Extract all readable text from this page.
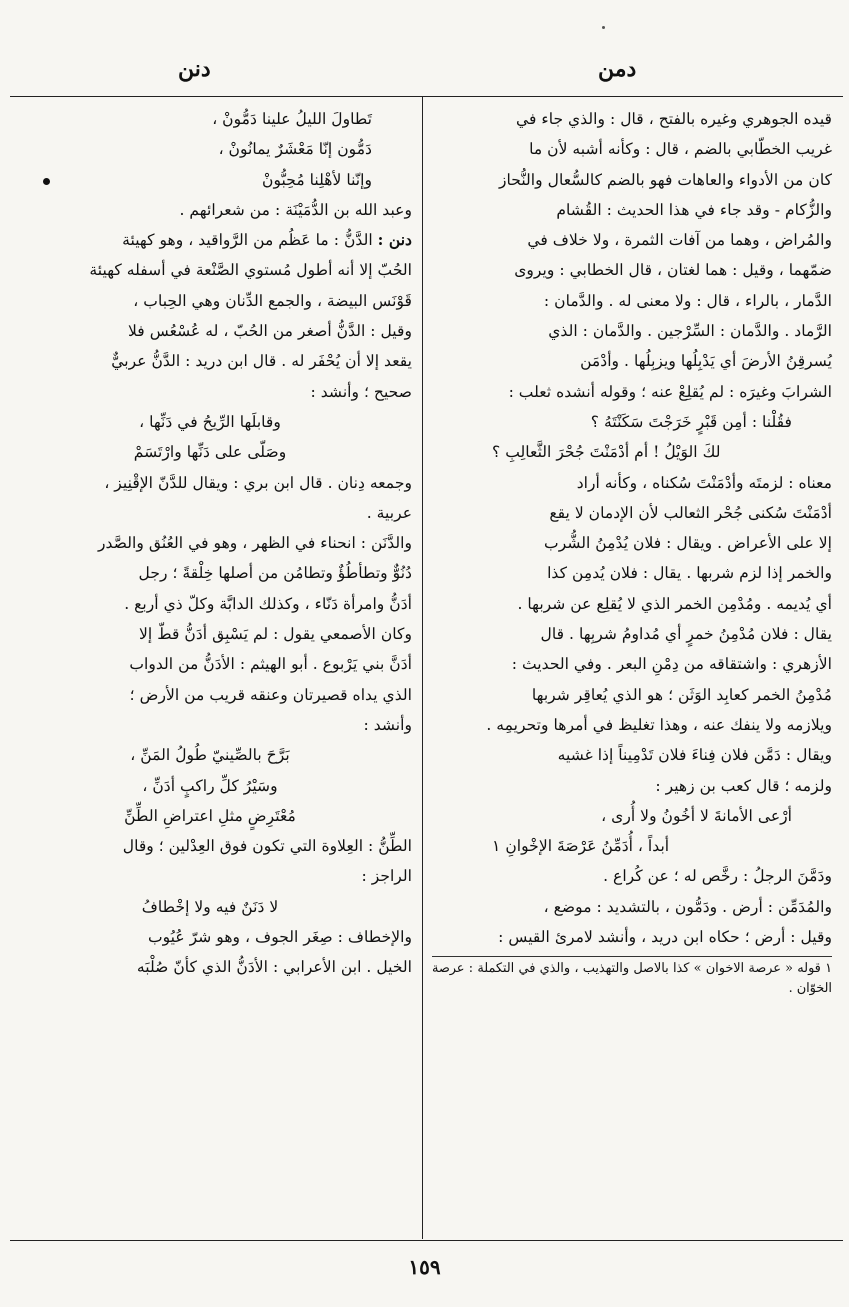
دمن
دنن

قيده الجوهري وغيره بالفتح ، قال : والذي جاء في

غريب الخطّابي بالضم ، قال : وكأنه أشبه لأن ما

كان من الأدواء والعاهات فهو بالضم كالسُّعال والنُّحاز

والزُّكام - وقد جاء في هذا الحديث : القُشام

والمُراض ، وهما من آفات الثمرة ، ولا خلاف في

ضمّهما ، وقيل : هما لغتان ، قال الخطابي : ويروى

الدَّمار ، بالراء ، قال : ولا معنى له . والدَّمان :

الرَّماد . والدَّمان : السِّرْجين . والدَّمان : الذي

يُسرقِنُ الأرضَ أي يَدْبِلُها ويزبِلُها . وأدْمَن

الشرابَ وغيرَه : لم يُقلِعْ عنه ؛ وقوله أنشده ثعلب :

فقُلْنا : أمِن قَبْرٍ خَرَجْتَ سَكَنْتَهُ ؟

لكَ الوَيْلُ ! أم أدْمَنْتَ جُحْرَ الثَّعالِبِ ؟

معناه : لزمتَه وأدْمَنْتَ سُكناه ، وكأنه أراد

أدْمَنْتَ سُكنى جُحْر الثعالب لأن الإدمان لا يقع

إلا على الأعراض . ويقال : فلان يُدْمِنُ الشُّرب

والخمر إذا لزم شربها . يقال : فلان يُدمِن كذا

أي يُديمه . ومُدْمِن الخمر الذي لا يُقلِع عن شربها .

يقال : فلان مُدْمِنُ خمرٍ أي مُداومُ شربِها . قال

الأزهري : واشتقاقه من دِمْنِ البعر . وفي الحديث :

مُدْمِنُ الخمر كعابِد الوَثَن ؛ هو الذي يُعاقِر شربها

ويلازمه ولا ينفك عنه ، وهذا تغليظ في أمرها وتحريمِه .

ويقال : دَمَّن فلان فِناءَ فلان تَدْمِيناً إذا غشيه

ولزمه ؛ قال كعب بن زهير :

أرْعى الأمانةَ لا أخُونُ ولا أُرى ،

أبداً ، أُدَمِّنُ عَرْصَةَ الإخْوانِ ١

ودَمَّنَ الرجلُ : رخَّص له ؛ عن كُراع .

والمُدَمِّن : أرض . ودَمُّون ، بالتشديد : موضع ،

وقيل : أرض ؛ حكاه ابن دريد ، وأنشد لامرئ القيس :

١ قوله « عرصة الاخوان » كذا بالاصل والتهذيب ، والذي في التكملة : عرصة الخوّان .

تَطاولَ الليلُ علينا دَمُّونْ ،

دَمُّون إنّا مَعْشَرٌ يمانُونْ ،

وإنّنا لأهْلِنا مُحِبُّونْ

وعبد الله بن الدُّمَيْنَة : من شعرائهم .

دنن : الدَّنُّ : ما عَظُم من الرَّواقيد ، وهو كهيئة

الحُبّ إلا أنه أطول مُستوي الصَّنْعة في أسفله كهيئة

قَوْنَس البيضة ، والجمع الدِّنان وهي الحِباب ،

وقيل : الدَّنُّ أصغر من الحُبّ ، له عُسْعُس فلا

يقعد إلا أن يُحْفَر له . قال ابن دريد : الدَّنُّ عربيٌّ

صحيح ؛ وأنشد :

وقابلَها الرِّيحُ في دَنِّها ،

وصَلّى على دَنِّها وارْتَسَمْ

وجمعه دِنان . قال ابن بري : ويقال للدَّنّ الإقْنِيز ،

عربية .

والدَّنَن : انحناء في الظهر ، وهو في العُنُق والصَّدر

دُنُوٌّ وتطأطُؤٌ وتطامُن من أصلها خِلْقةً ؛ رجل

أدَنُّ وامرأة دَنّاء ، وكذلك الدابَّة وكلّ ذي أربع .

وكان الأصمعي يقول : لم يَسْبِق أدَنُّ قطّ إلا

أدَنَّ بني يَرْبوع . أبو الهيثم : الأدَنُّ من الدواب

الذي يداه قصيرتان وعنقه قريب من الأرض ؛

وأنشد :

بَرَّحَ بالصِّينيّ طُولُ المَنِّ ،

وسَيْرُ كلِّ راكبٍ أدَنِّ ،

مُعْتَرِضٍ مثلِ اعتراضِ الطِّنِّ

الطِّنُّ : العِلاوة التي تكون فوق العِدْلين ؛ وقال

الراجز :

لا دَنَنٌ فيه ولا إخْطافُ

والإخطاف : صِغَر الجوف ، وهو شرّ عُيُوب

الخيل . ابن الأعرابي : الأدَنُّ الذي كأنّ صُلْبَه

١٥٩
